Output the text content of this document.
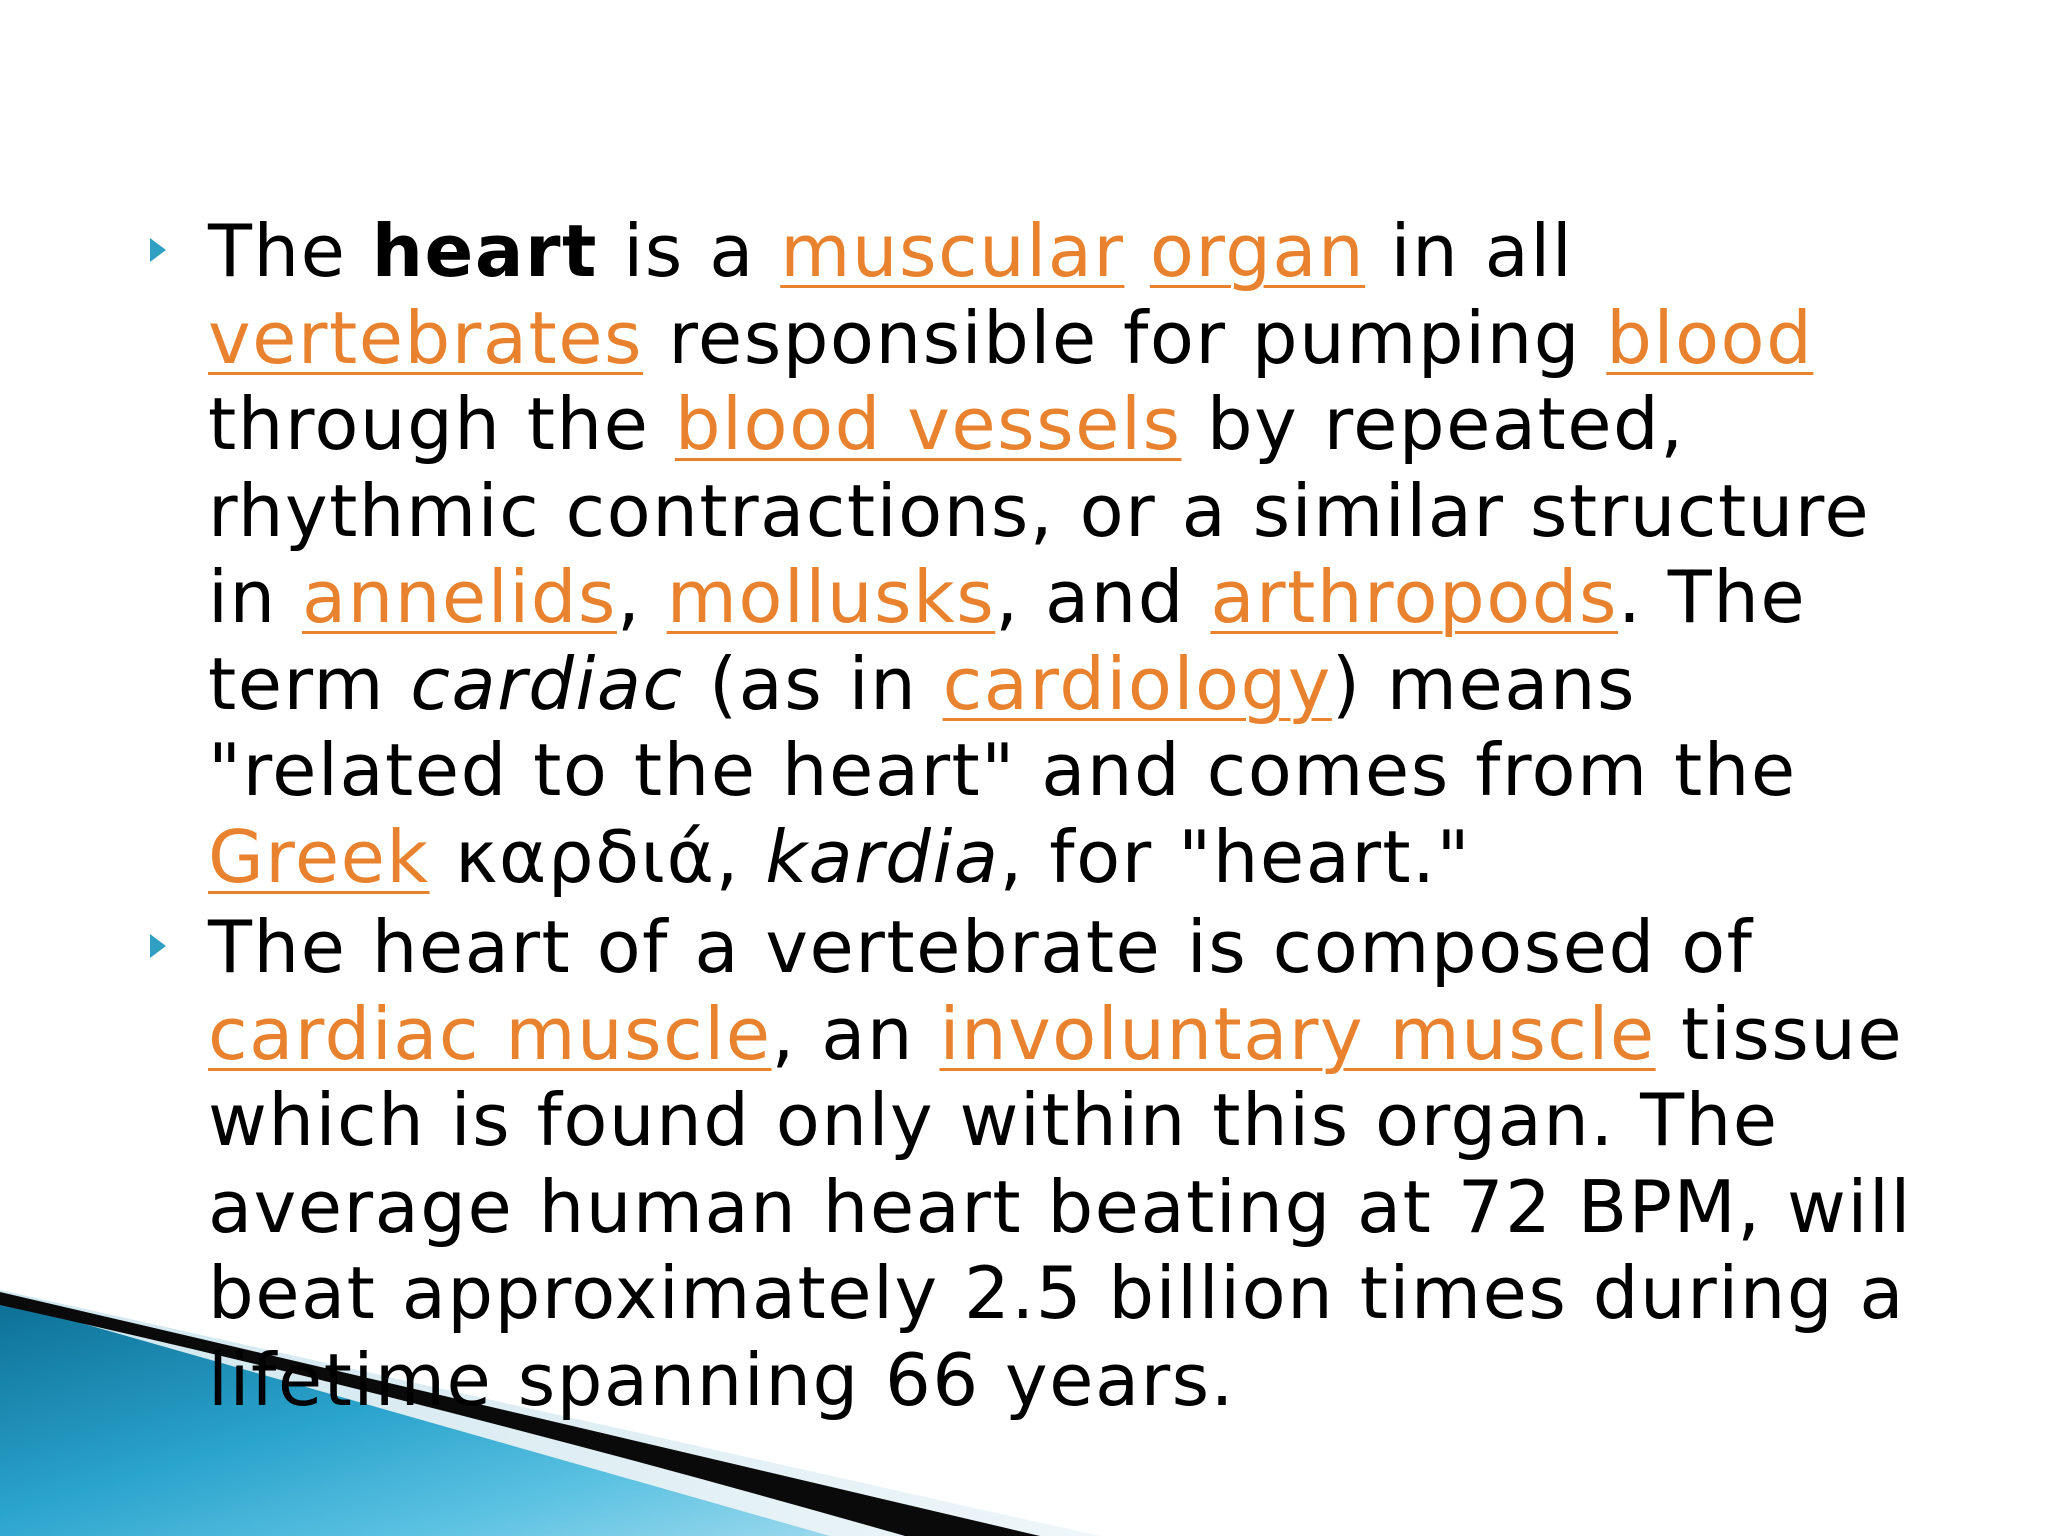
The heart is a muscular organ in all vertebrates responsible for pumping blood through the blood vessels by repeated, rhythmic contractions, or a similar structure in annelids, mollusks, and arthropods. The term cardiac (as in cardiology) means "related to the heart" and comes from the Greek καρδιά, kardia, for "heart."
The heart of a vertebrate is composed of cardiac muscle, an involuntary muscle tissue which is found only within this organ. The average human heart beating at 72 BPM, will beat approximately 2.5 billion times during a lifetime spanning 66 years.
